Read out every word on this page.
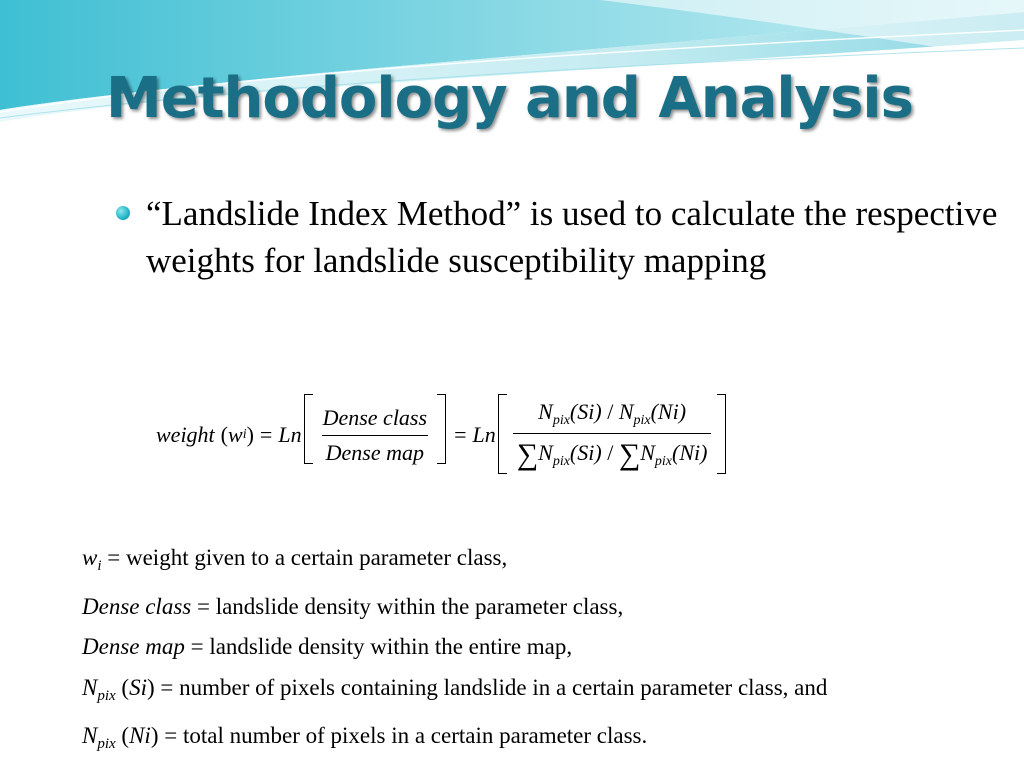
Methodology and Analysis
“Landslide Index Method” is used to calculate the respective weights for landslide susceptibility mapping
weight ( w i ) = Ln $\frac{\text{Dense class}}{\text{Dense map}} = Ln \frac{N_{pix}(Si) / N_{pix}(Ni)}{\sum N_{pix}(Si) / \sum N_{pix}(Ni)}$
$w_i$ = weight given to a certain parameter class,
Dense class = landslide density within the parameter class,
Dense map = landslide density within the entire map,
$N_{pix}$ (Si) = number of pixels containing landslide in a certain parameter class, and
$N_{pix}$ (Ni) = total number of pixels in a certain parameter class.
